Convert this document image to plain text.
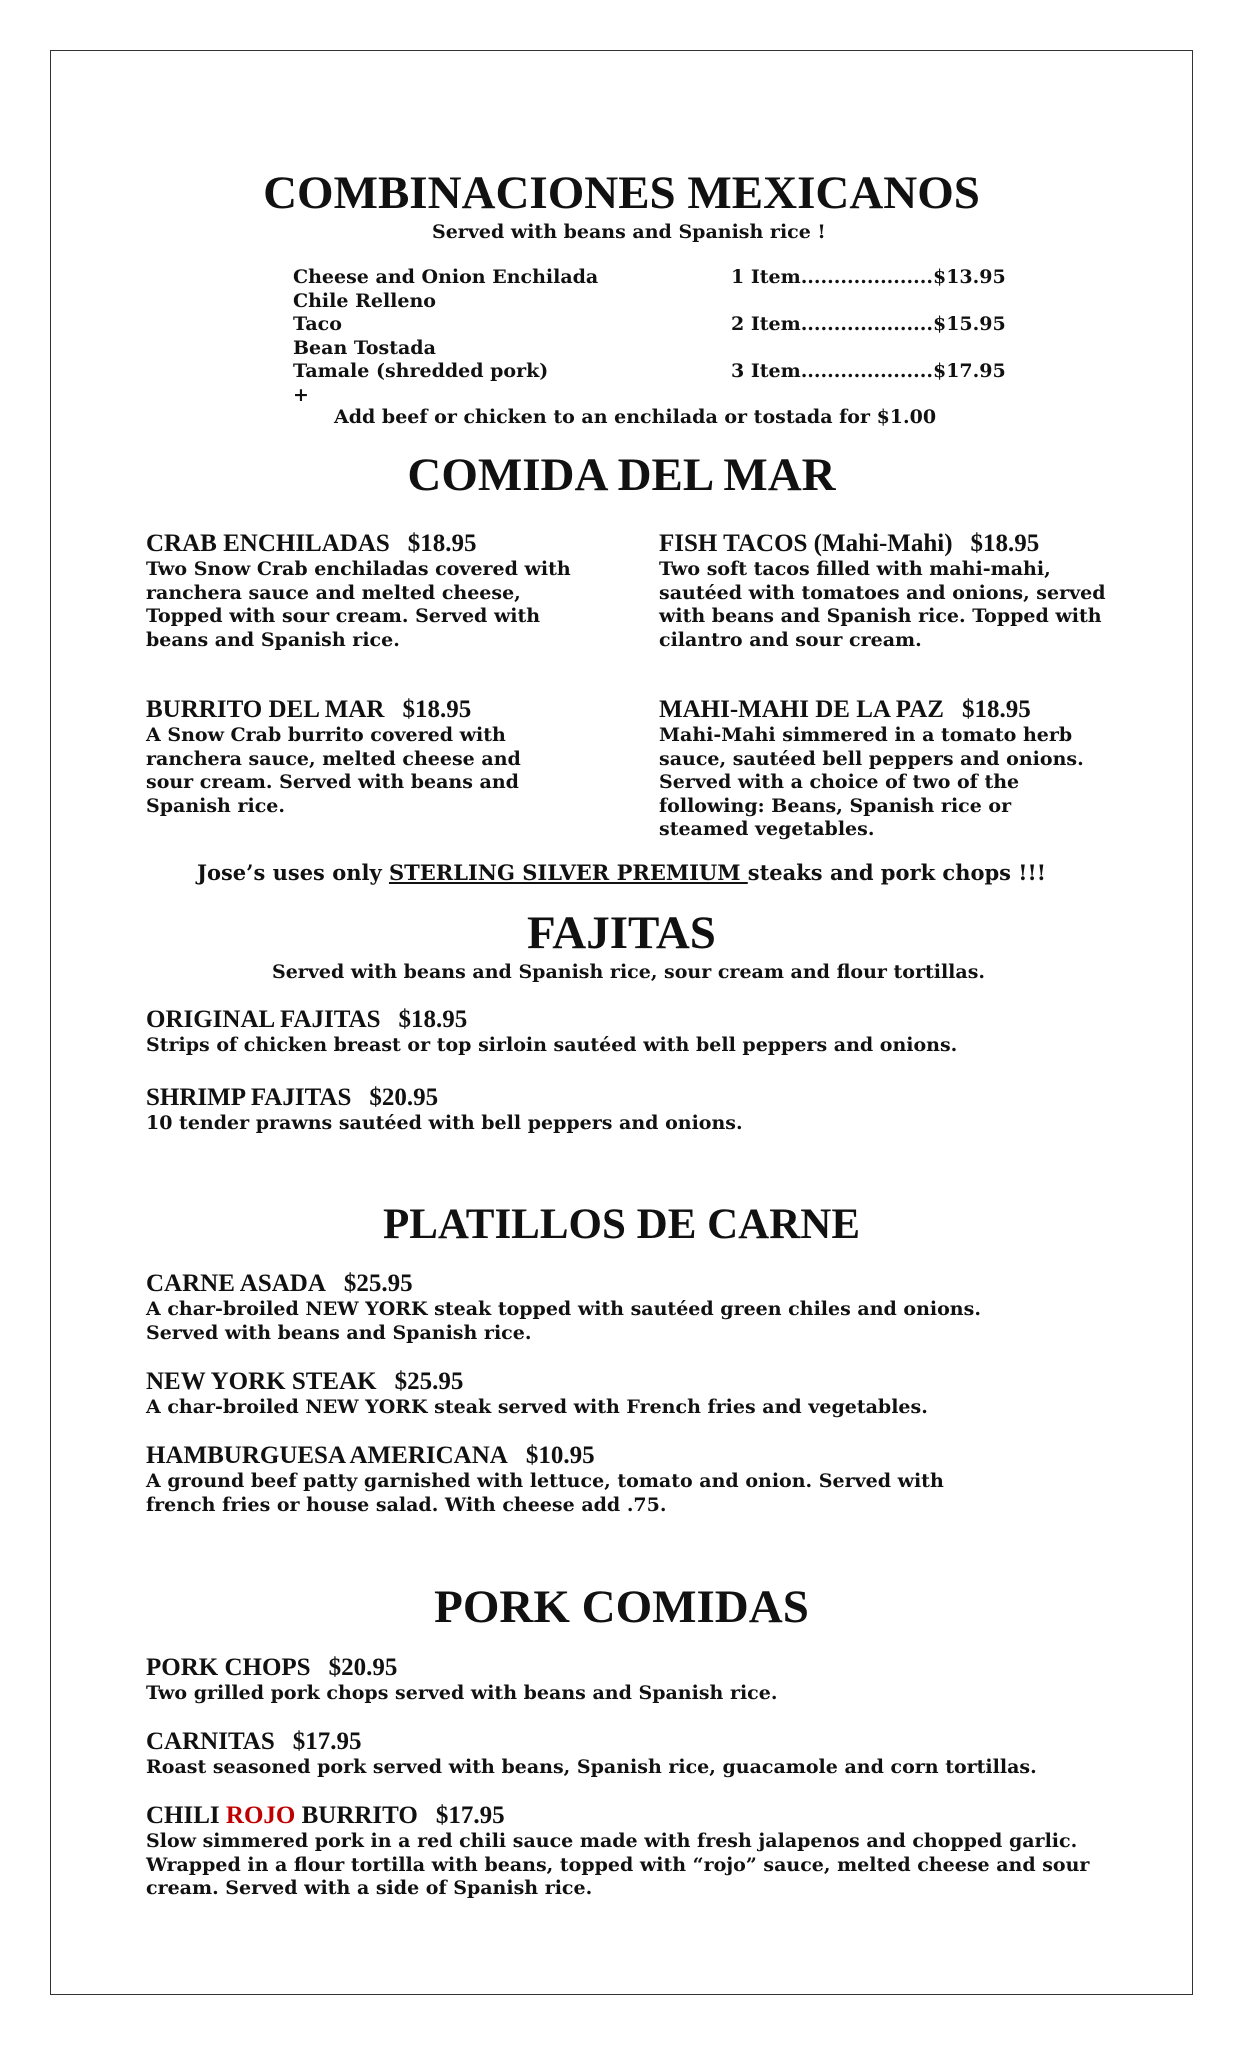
COMBINACIONES MEXICANOS
Served with beans and Spanish rice !
Cheese and Onion Enchilada
Chile Relleno
Taco
Bean Tostada
Tamale (shredded pork)
+
1 Item....................$13.95
2 Item....................$15.95
3 Item....................$17.95
Add beef or chicken to an enchilada or tostada for $1.00
COMIDA DEL MAR
CRAB ENCHILADAS $18.95
Two Snow Crab enchiladas covered with
ranchera sauce and melted cheese,
Topped with sour cream. Served with
beans and Spanish rice.
FISH TACOS (Mahi-Mahi) $18.95
Two soft tacos filled with mahi-mahi,
sautéed with tomatoes and onions, served
with beans and Spanish rice. Topped with
cilantro and sour cream.
BURRITO DEL MAR $18.95
A Snow Crab burrito covered with
ranchera sauce, melted cheese and
sour cream. Served with beans and
Spanish rice.
MAHI-MAHI DE LA PAZ $18.95
Mahi-Mahi simmered in a tomato herb
sauce, sautéed bell peppers and onions.
Served with a choice of two of the
following: Beans, Spanish rice or
steamed vegetables.
Jose’s uses only STERLING SILVER PREMIUM steaks and pork chops !!!
FAJITAS
Served with beans and Spanish rice, sour cream and flour tortillas.
ORIGINAL FAJITAS $18.95
Strips of chicken breast or top sirloin sautéed with bell peppers and onions.
SHRIMP FAJITAS $20.95
10 tender prawns sautéed with bell peppers and onions.
PLATILLOS DE CARNE
CARNE ASADA $25.95
A char-broiled NEW YORK steak topped with sautéed green chiles and onions.
Served with beans and Spanish rice.
NEW YORK STEAK $25.95
A char-broiled NEW YORK steak served with French fries and vegetables.
HAMBURGUESA AMERICANA $10.95
A ground beef patty garnished with lettuce, tomato and onion. Served with
french fries or house salad. With cheese add .75.
PORK COMIDAS
PORK CHOPS $20.95
Two grilled pork chops served with beans and Spanish rice.
CARNITAS $17.95
Roast seasoned pork served with beans, Spanish rice, guacamole and corn tortillas.
CHILI ROJO BURRITO $17.95
Slow simmered pork in a red chili sauce made with fresh jalapenos and chopped garlic.
Wrapped in a flour tortilla with beans, topped with “rojo” sauce, melted cheese and sour
cream. Served with a side of Spanish rice.
